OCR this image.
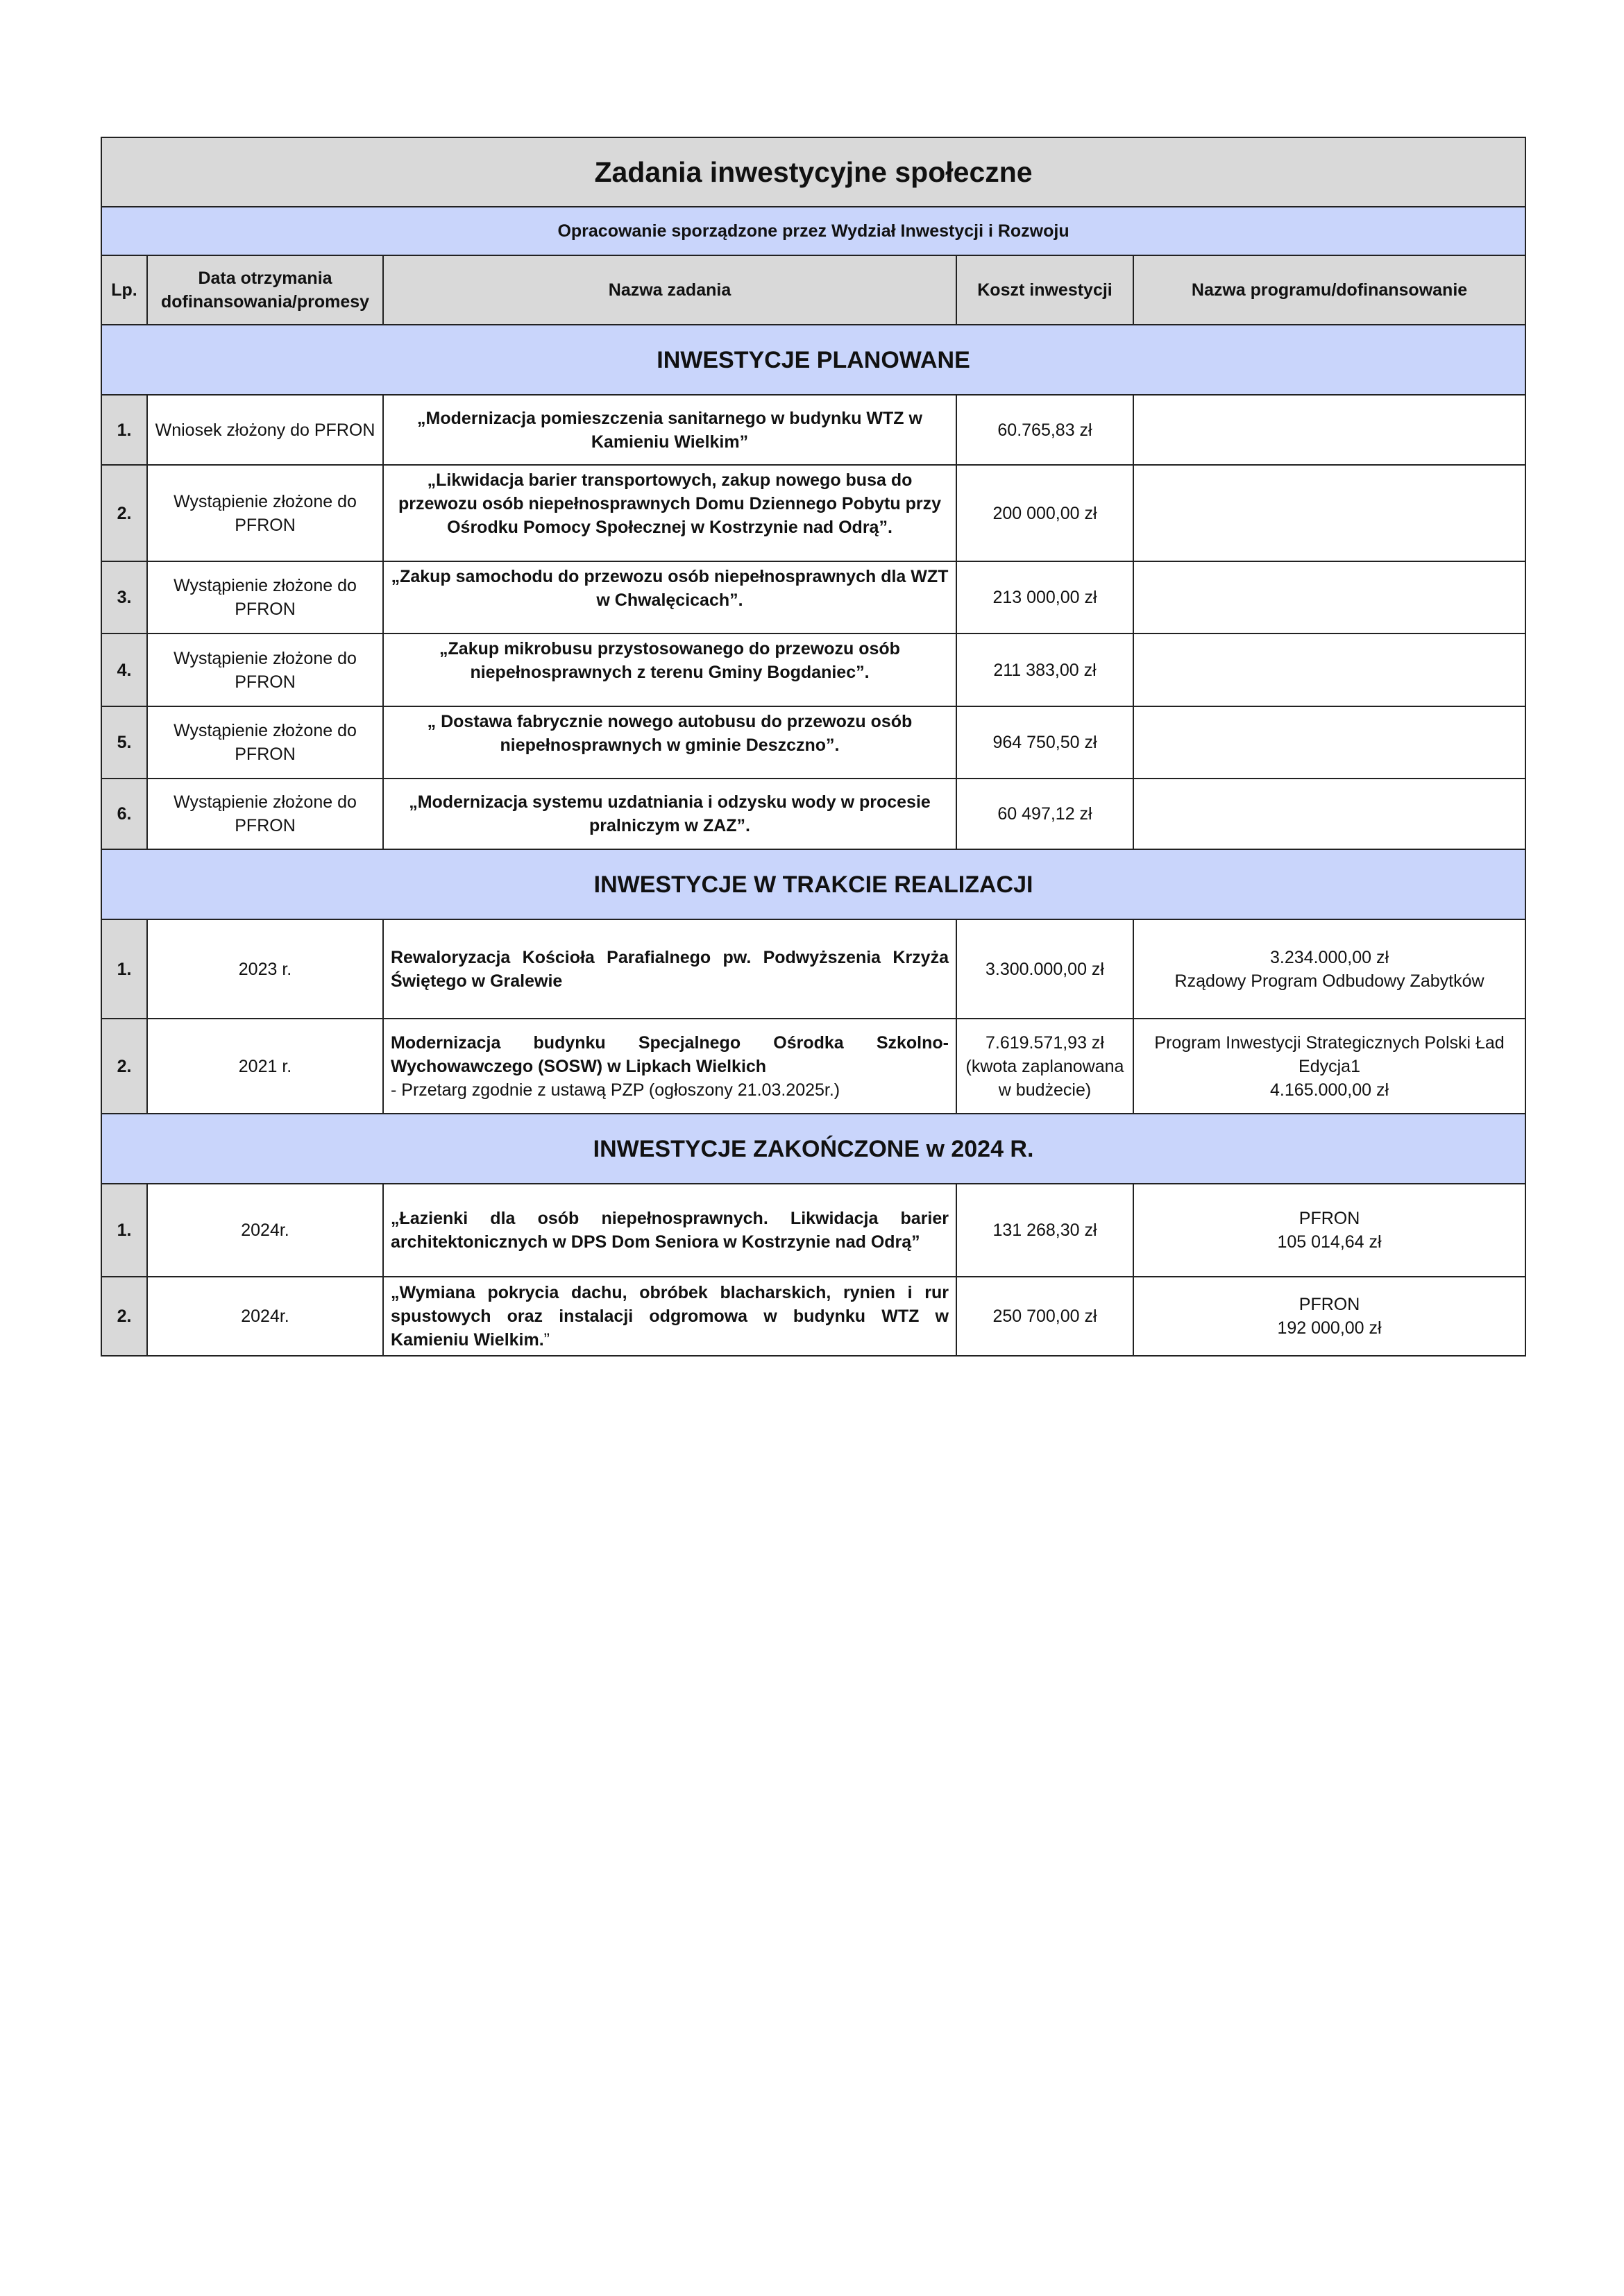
Zadania inwestycyjne społeczne				
Opracowanie sporządzone przez Wydział Inwestycji i Rozwoju				
Lp.	Data otrzymania dofinansowania/promesy	Nazwa zadania	Koszt inwestycji	Nazwa programu/dofinansowanie
INWESTYCJE PLANOWANE				
1.	Wniosek złożony do PFRON	„Modernizacja pomieszczenia sanitarnego w budynku WTZ w Kamieniu Wielkim”	60.765,83 zł	
2.	Wystąpienie złożone do PFRON	„Likwidacja barier transportowych, zakup nowego busa do przewozu osób niepełnosprawnych Domu Dziennego Pobytu przy Ośrodku Pomocy Społecznej w Kostrzynie nad Odrą”.	200 000,00 zł	
3.	Wystąpienie złożone do PFRON	„Zakup samochodu do przewozu osób niepełnosprawnych dla WZT w Chwalęcicach”.	213 000,00 zł	
4.	Wystąpienie złożone do PFRON	„Zakup mikrobusu przystosowanego do przewozu osób niepełnosprawnych z terenu Gminy Bogdaniec”.	211 383,00 zł	
5.	Wystąpienie złożone do PFRON	„ Dostawa fabrycznie nowego autobusu do przewozu osób niepełnosprawnych w gminie Deszczno”.	964 750,50 zł	
6.	Wystąpienie złożone do PFRON	„Modernizacja systemu uzdatniania i odzysku wody w procesie pralniczym w ZAZ”.	60 497,12 zł	
INWESTYCJE W TRAKCIE REALIZACJI				
1.	2023 r.	Rewaloryzacja Kościoła Parafialnego pw. Podwyższenia Krzyża Świętego w Gralewie	3.300.000,00 zł	3.234.000,00 zł
Rządowy Program Odbudowy Zabytków

2.	2021 r.	Modernizacja budynku Specjalnego Ośrodka Szkolno-Wychowawczego (SOSW) w Lipkach Wielkich
- Przetarg zgodnie z ustawą PZP (ogłoszony 21.03.2025r.)	7.619.571,93 zł (kwota zaplanowana w budżecie)	Program Inwestycji Strategicznych Polski Ład Edycja1
4.165.000,00 zł

INWESTYCJE ZAKOŃCZONE w 2024 R.				
1.	2024r.	„Łazienki dla osób niepełnosprawnych. Likwidacja barier architektonicznych w DPS Dom Seniora w Kostrzynie nad Odrą”	131 268,30 zł	PFRON
105 014,64 zł

2.	2024r.	„Wymiana pokrycia dachu, obróbek blacharskich, rynien i rur spustowych oraz instalacji odgromowa w budynku WTZ w Kamieniu Wielkim.”	250 700,00 zł	PFRON
192 000,00 zł
